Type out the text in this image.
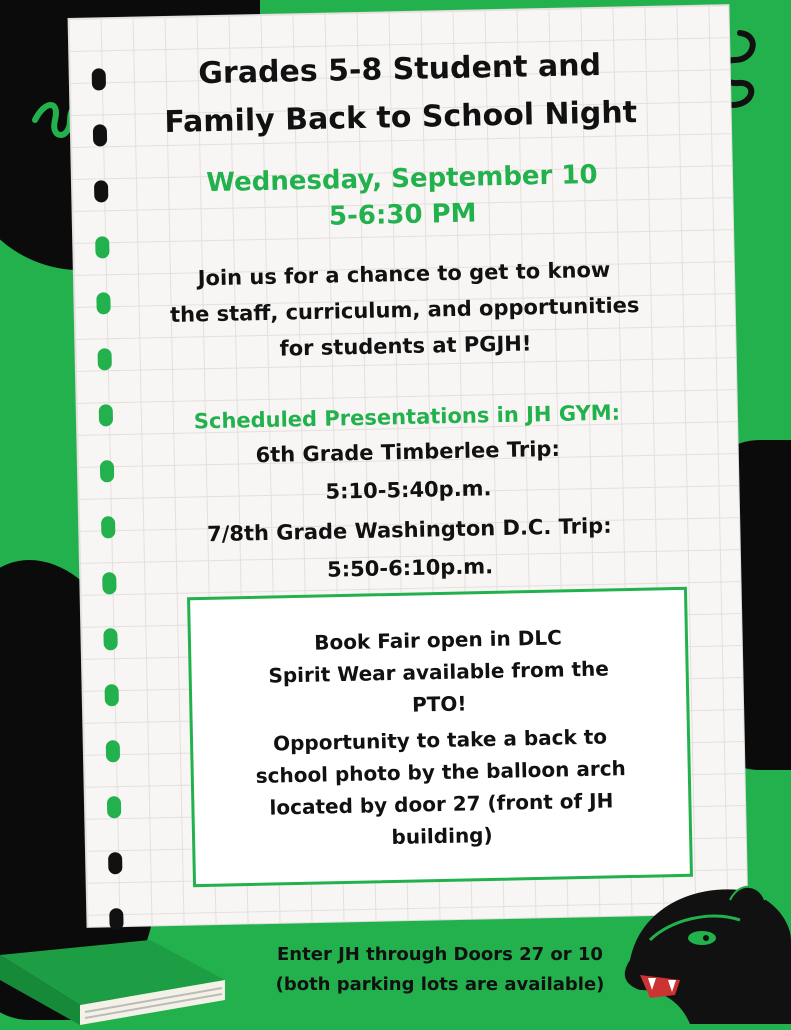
Grades 5-8 Student and
Family Back to School Night
Wednesday, September 10
5-6:30 PM
Join us for a chance to get to know
the staff, curriculum, and opportunities
for students at PGJH!
Scheduled Presentations in JH GYM:
6th Grade Timberlee Trip:
5:10-5:40p.m.
7/8th Grade Washington D.C. Trip:
5:50-6:10p.m.
Book Fair open in DLC
Spirit Wear available from the
PTO!
Opportunity to take a back to
school photo by the balloon arch
located by door 27 (front of JH
building)
Enter JH through Doors 27 or 10
(both parking lots are available)
